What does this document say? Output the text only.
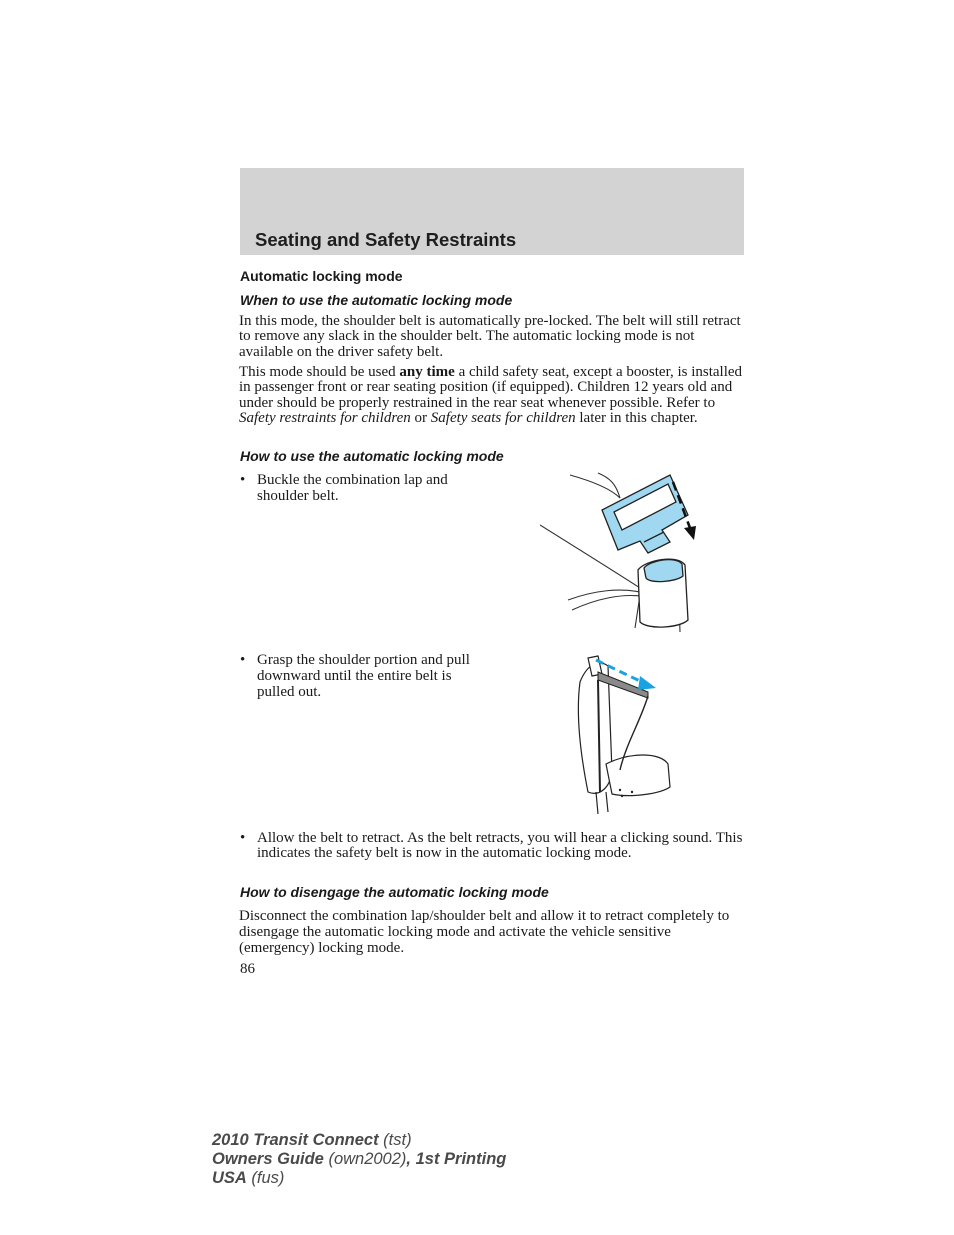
Seating and Safety Restraints
Automatic locking mode
When to use the automatic locking mode

In this mode, the shoulder belt is automatically pre-locked. The belt will still retract to remove any slack in the shoulder belt. The automatic locking mode is not available on the driver safety belt.

This mode should be used any time a child safety seat, except a booster, is installed in passenger front or rear seating position (if equipped). Children 12 years old and under should be properly restrained in the rear seat whenever possible. Refer to Safety restraints for children or Safety seats for children later in this chapter.

How to use the automatic locking mode

• Buckle the combination lap and shoulder belt.

• Grasp the shoulder portion and pull downward until the entire belt is pulled out.

• Allow the belt to retract. As the belt retracts, you will hear a clicking sound. This indicates the safety belt is now in the automatic locking mode.

How to disengage the automatic locking mode

Disconnect the combination lap/shoulder belt and allow it to retract completely to disengage the automatic locking mode and activate the vehicle sensitive (emergency) locking mode.

86

2010 Transit Connect (tst)
Owners Guide (own2002), 1st Printing
USA (fus)
